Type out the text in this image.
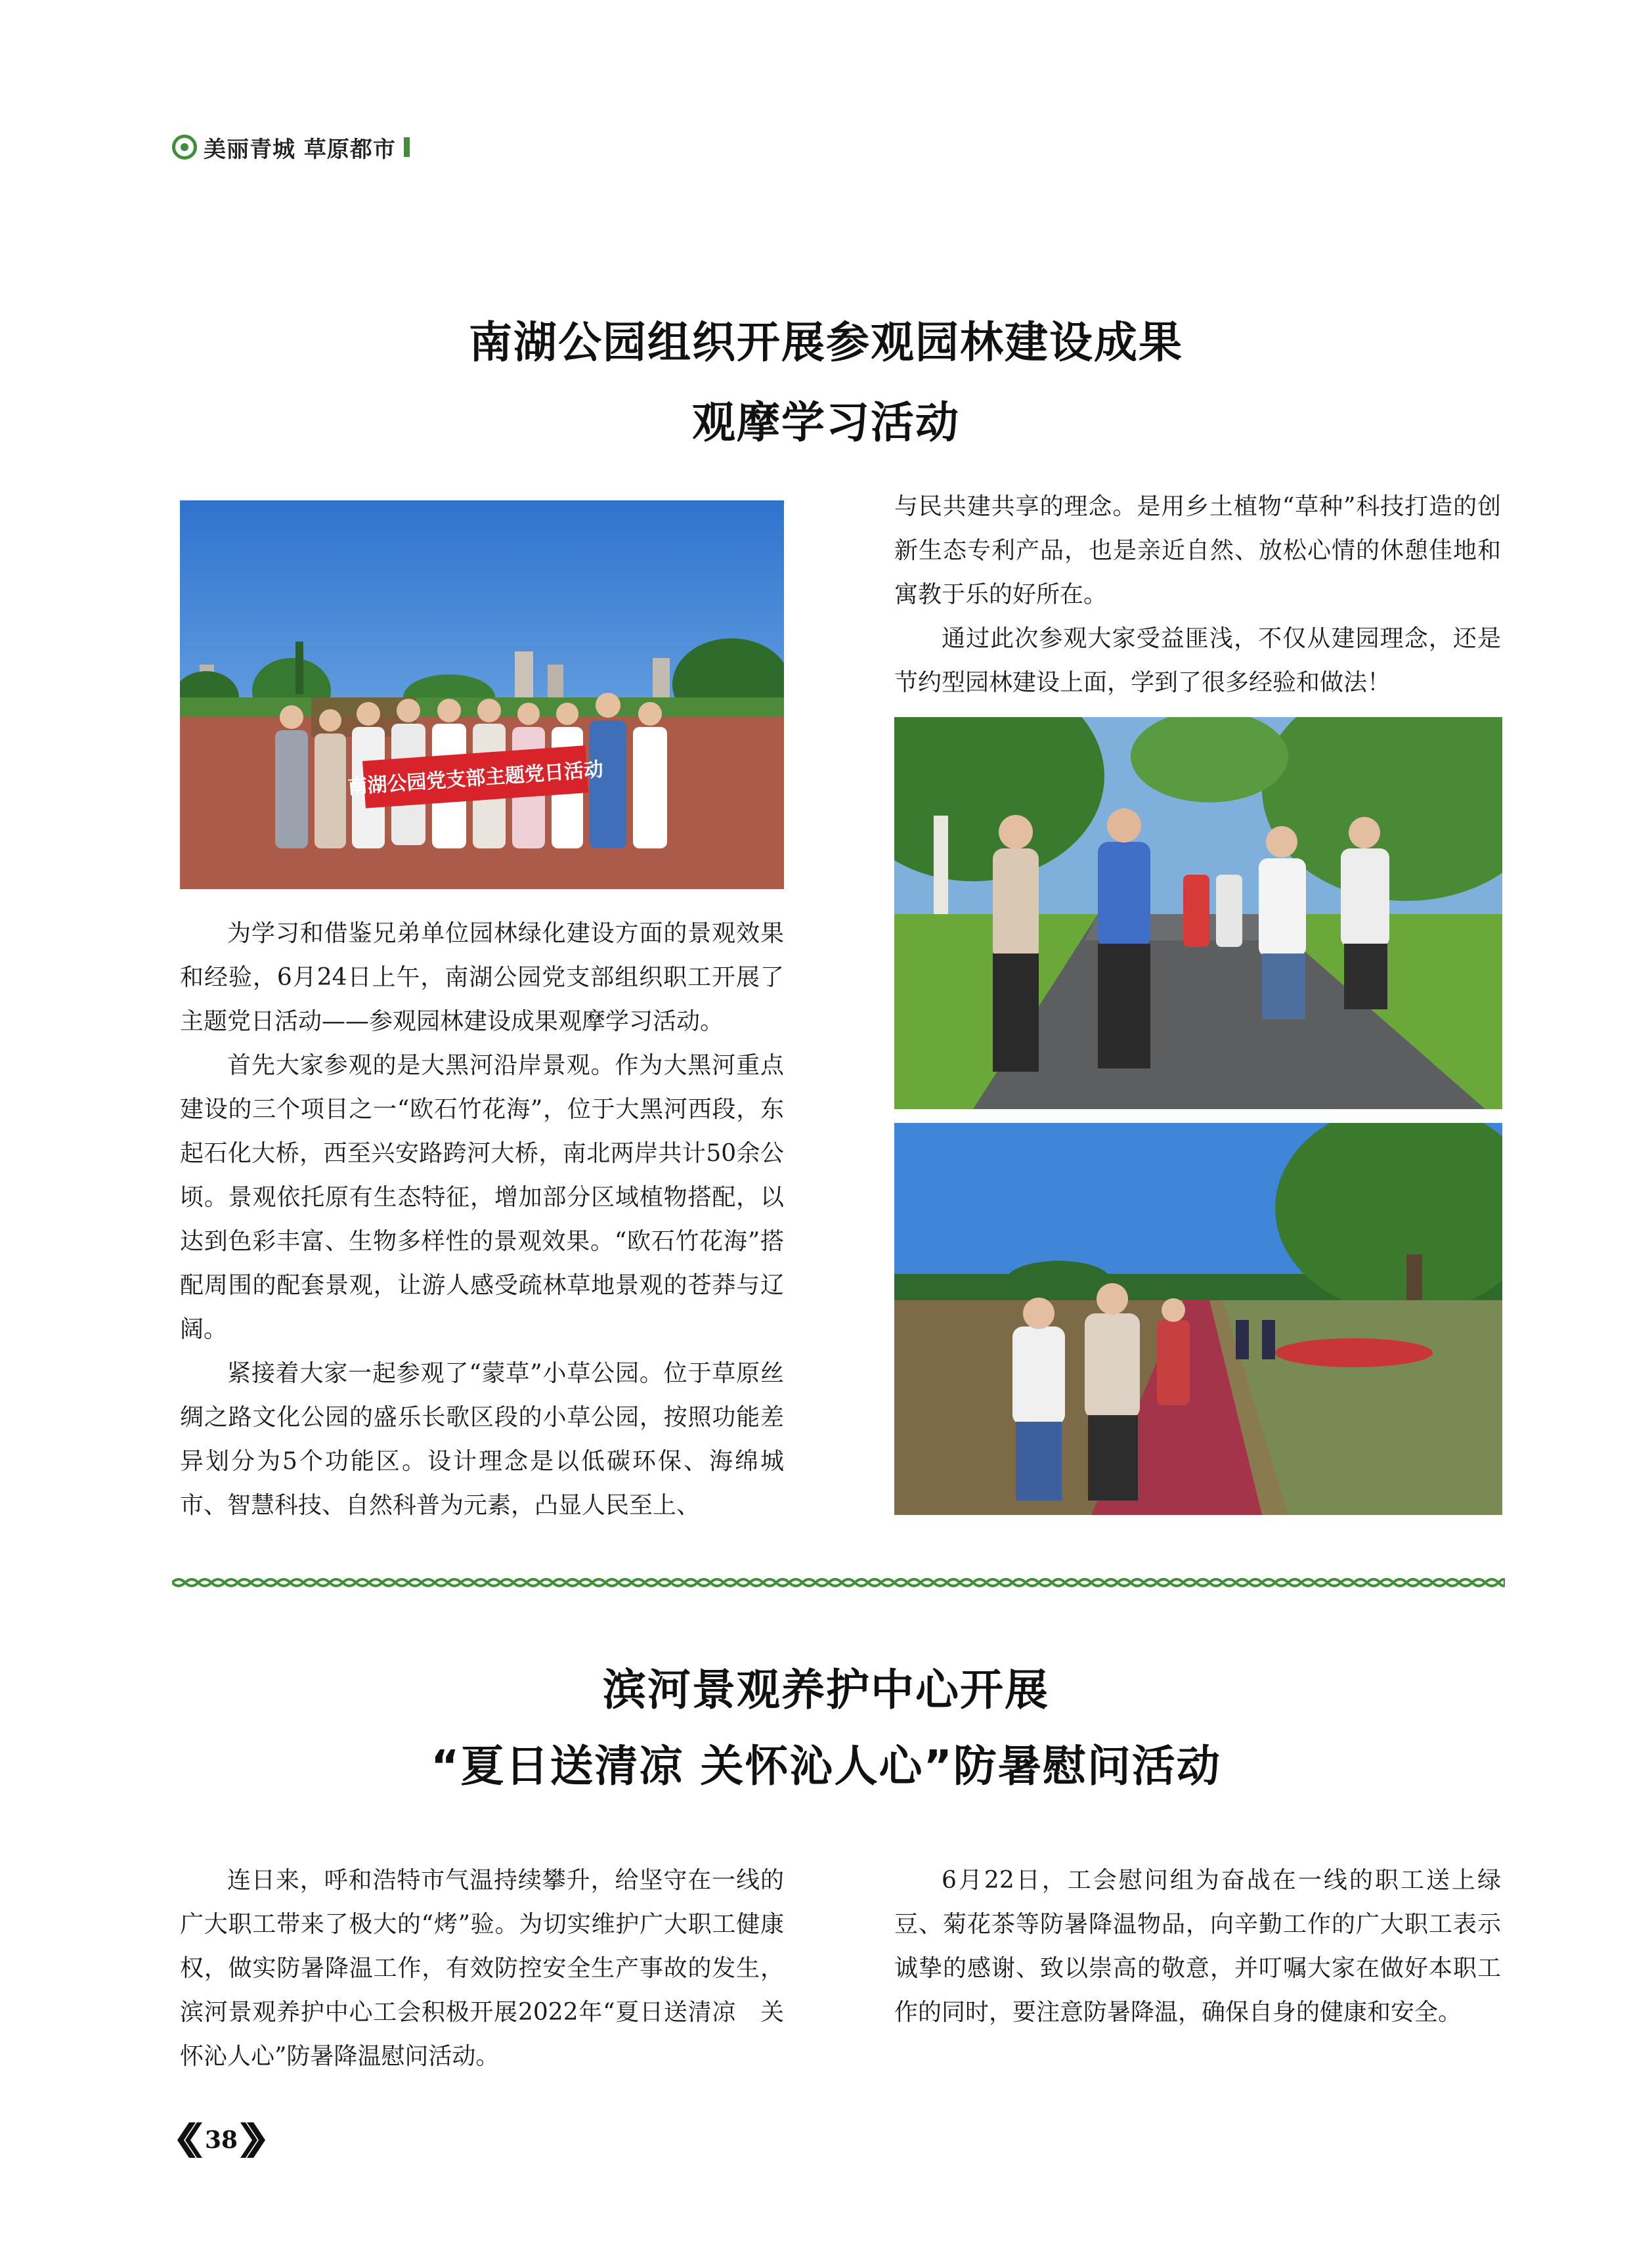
美丽青城 草原都市
南湖公园组织开展参观园林建设成果
观摩学习活动
南湖公园党支部主题党日活动

为学习和借鉴兄弟单位园林绿化建设方面的景观效果和经验，6月24日上午，南湖公园党支部组织职工开展了主题党日活动——参观园林建设成果观摩学习活动。

首先大家参观的是大黑河沿岸景观。作为大黑河重点建设的三个项目之一“欧石竹花海”，位于大黑河西段，东起石化大桥，西至兴安路跨河大桥，南北两岸共计50余公顷。景观依托原有生态特征，增加部分区域植物搭配，以达到色彩丰富、生物多样性的景观效果。“欧石竹花海”搭配周围的配套景观，让游人感受疏林草地景观的苍莽与辽阔。

紧接着大家一起参观了“蒙草”小草公园。位于草原丝绸之路文化公园的盛乐长歌区段的小草公园，按照功能差异划分为5个功能区。设计理念是以低碳环保、海绵城市、智慧科技、自然科普为元素，凸显人民至上、

与民共建共享的理念。是用乡土植物“草种”科技打造的创新生态专利产品，也是亲近自然、放松心情的休憩佳地和寓教于乐的好所在。

通过此次参观大家受益匪浅，不仅从建园理念，还是节约型园林建设上面，学到了很多经验和做法！

滨河景观养护中心开展
“夏日送清凉 关怀沁人心”防暑慰问活动

连日来，呼和浩特市气温持续攀升，给坚守在一线的广大职工带来了极大的“烤”验。为切实维护广大职工健康权，做实防暑降温工作，有效防控安全生产事故的发生，滨河景观养护中心工会积极开展2022年“夏日送清凉　关怀沁人心”防暑降温慰问活动。

6月22日，工会慰问组为奋战在一线的职工送上绿豆、菊花茶等防暑降温物品，向辛勤工作的广大职工表示诚挚的感谢、致以崇高的敬意，并叮嘱大家在做好本职工作的同时，要注意防暑降温，确保自身的健康和安全。

38
